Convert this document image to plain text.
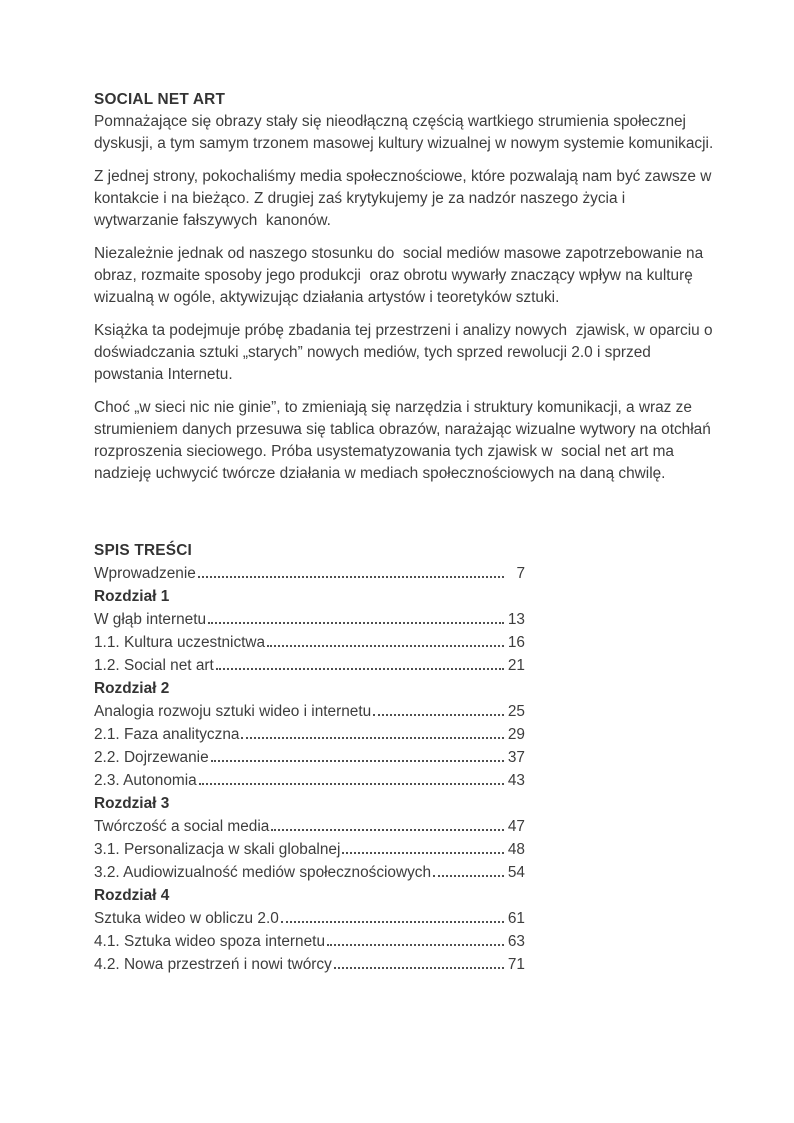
SOCIAL NET ART

Pomnażające się obrazy stały się nieodłączną częścią wartkiego strumienia społecznej dyskusji, a tym samym trzonem masowej kultury wizualnej w nowym systemie komunikacji.

Z jednej strony, pokochaliśmy media społecznościowe, które pozwalają nam być zawsze w kontakcie i na bieżąco. Z drugiej zaś krytykujemy je za nadzór naszego życia i wytwarzanie fałszywych  kanonów.

Niezależnie jednak od naszego stosunku do  social mediów masowe zapotrzebowanie na obraz, rozmaite sposoby jego produkcji  oraz obrotu wywarły znaczący wpływ na kulturę wizualną w ogóle, aktywizując działania artystów i teoretyków sztuki.

Książka ta podejmuje próbę zbadania tej przestrzeni i analizy nowych  zjawisk, w oparciu o doświadczania sztuki „starych” nowych mediów, tych sprzed rewolucji 2.0 i sprzed powstania Internetu.

Choć „w sieci nic nie ginie”, to zmieniają się narzędzia i struktury komunikacji, a wraz ze strumieniem danych przesuwa się tablica obrazów, narażając wizualne wytwory na otchłań rozproszenia sieciowego. Próba usystematyzowania tych zjawisk w  social net art ma nadzieję uchwycić twórcze działania w mediach społecznościowych na daną chwilę.

SPIS TREŚCI
Wprowadzenie	7
Rozdział 1
W głąb internetu	13
1.1. Kultura uczestnictwa	16
1.2. Social net art	21
Rozdział 2
Analogia rozwoju sztuki wideo i internetu	25
2.1. Faza analityczna	29
2.2. Dojrzewanie	37
2.3. Autonomia	43
Rozdział 3
Twórczość a social media	47
3.1. Personalizacja w skali globalnej	48
3.2. Audiowizualność mediów społecznościowych	54
Rozdział 4
Sztuka wideo w obliczu 2.0	61
4.1. Sztuka wideo spoza internetu	63
4.2. Nowa przestrzeń i nowi twórcy	71
